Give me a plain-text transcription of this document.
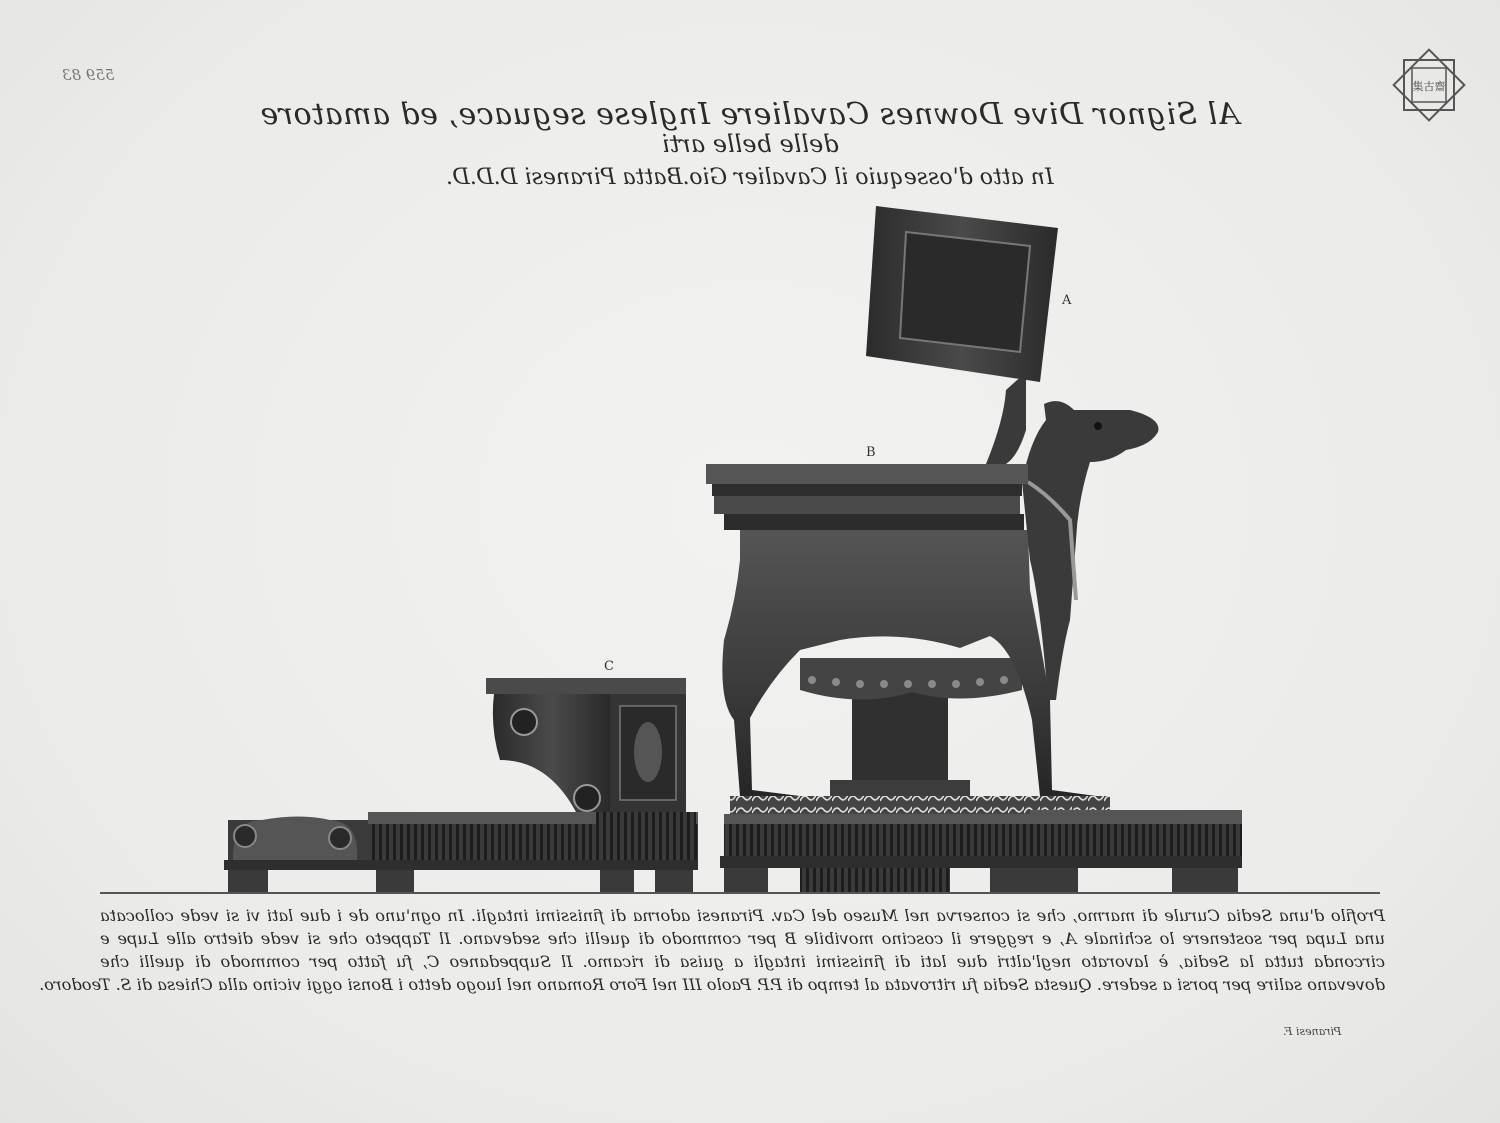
559 83
集古齋
Al Signor Dive Downes Cavaliere Inglese seguace, ed amatore
delle belle arti
In atto d'ossequio il Cavalier Gio.Batta Piranesi D.D.D.
C
A
B
Profilo d'una Sedia Curule di marmo, che si conserva nel Museo del Cav. Piranesi adorna di finissimi intagli. In ogn'uno de i due lati vi si vede collocata
una Lupa per sostenere lo schinale A, e reggere il coscino movibile B per commodo di quelli che sedevano. Il Tappeto che si vede dietro alle Lupe e
circonda tutta la Sedia, è lavorato negl'altri due lati di finissimi intagli a guisa di ricamo. Il Suppedaneo C, fu fatto per commodo di quelli che
dovevano salire per porsi a sedere. Questa Sedia fu ritrovata al tempo di P.P. Paolo III nel Foro Romano nel luogo detto i Bonsi oggi vicino alla Chiesa di S. Teodoro.
Piranesi F.
